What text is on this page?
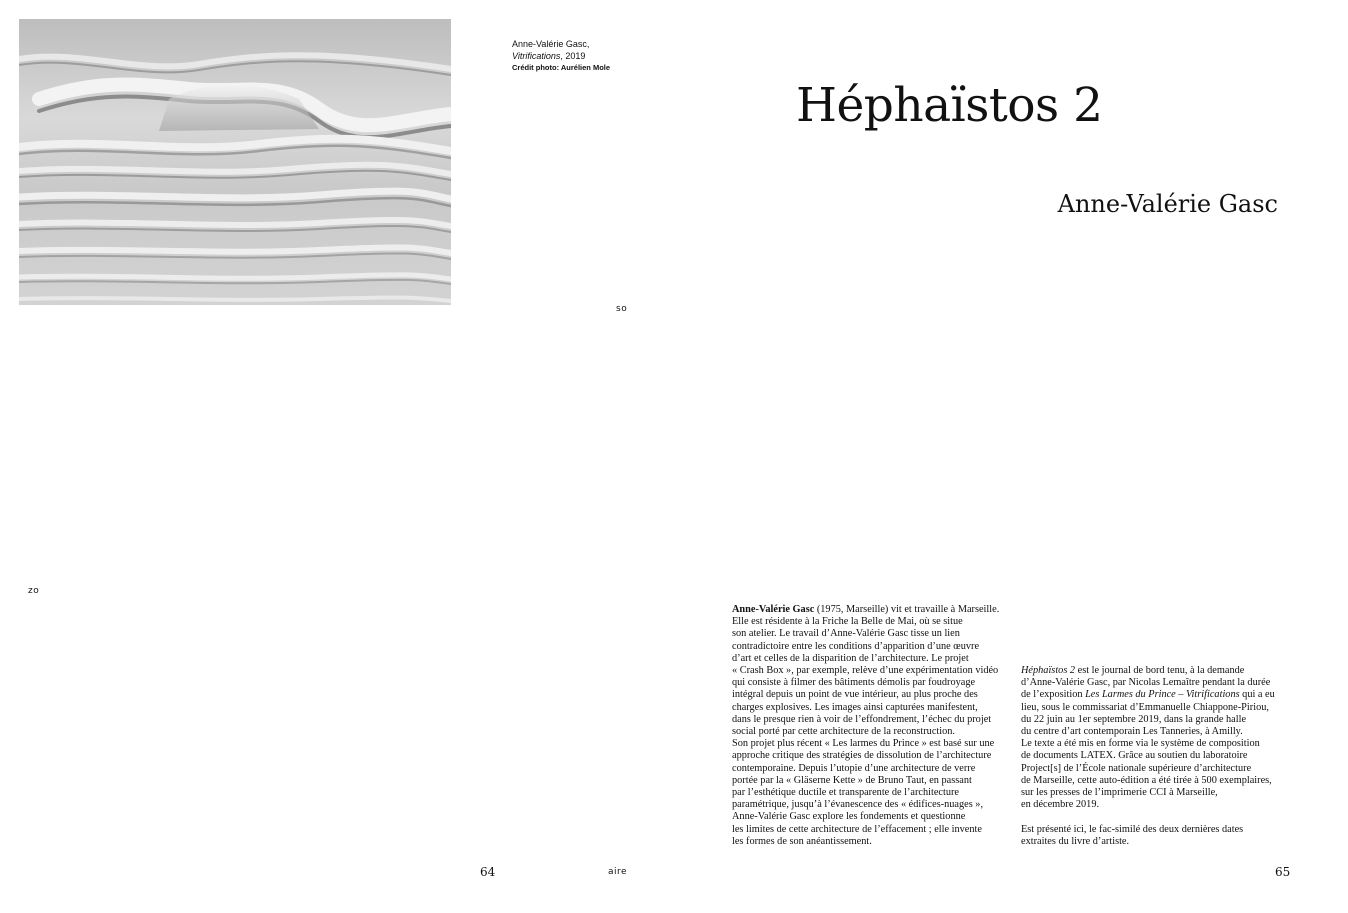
Anne-Valérie Gasc,
Vitrifications, 2019
Crédit photo: Aurélien Mole
so
zo
aire
64	65
Héphaïstos 2
Anne-Valérie Gasc

Anne-Valérie Gasc (1975, Marseille) vit et travaille à Marseille.

Elle est résidente à la Friche la Belle de Mai, où se situe

son atelier. Le travail d’Anne-Valérie Gasc tisse un lien

contradictoire entre les conditions d’apparition d’une œuvre

d’art et celles de la disparition de l’architecture. Le projet

« Crash Box », par exemple, relève d’une expérimentation vidéo

qui consiste à filmer des bâtiments démolis par foudroyage

intégral depuis un point de vue intérieur, au plus proche des

charges explosives. Les images ainsi capturées manifestent,

dans le presque rien à voir de l’effondrement, l’échec du projet

social porté par cette architecture de la reconstruction.

Son projet plus récent « Les larmes du Prince » est basé sur une

approche critique des stratégies de dissolution de l’architecture

contemporaine. Depuis l’utopie d’une architecture de verre

portée par la « Gläserne Kette » de Bruno Taut, en passant

par l’esthétique ductile et transparente de l’architecture

paramétrique, jusqu’à l’évanescence des « édifices-nuages »,

Anne-Valérie Gasc explore les fondements et questionne

les limites de cette architecture de l’effacement ; elle invente

les formes de son anéantissement.

Héphaïstos 2 est le journal de bord tenu, à la demande

d’Anne-Valérie Gasc, par Nicolas Lemaître pendant la durée

de l’exposition Les Larmes du Prince – Vitrifications qui a eu

lieu, sous le commissariat d’Emmanuelle Chiappone-Piriou,

du 22 juin au 1er septembre 2019, dans la grande halle

du centre d’art contemporain Les Tanneries, à Amilly.

Le texte a été mis en forme via le système de composition

de documents LATEX. Grâce au soutien du laboratoire

Project[s] de l’École nationale supérieure d’architecture

de Marseille, cette auto-édition a été tirée à 500 exemplaires,

sur les presses de l’imprimerie CCI à Marseille,

en décembre 2019.

Est présenté ici, le fac-similé des deux dernières dates

extraites du livre d’artiste.
